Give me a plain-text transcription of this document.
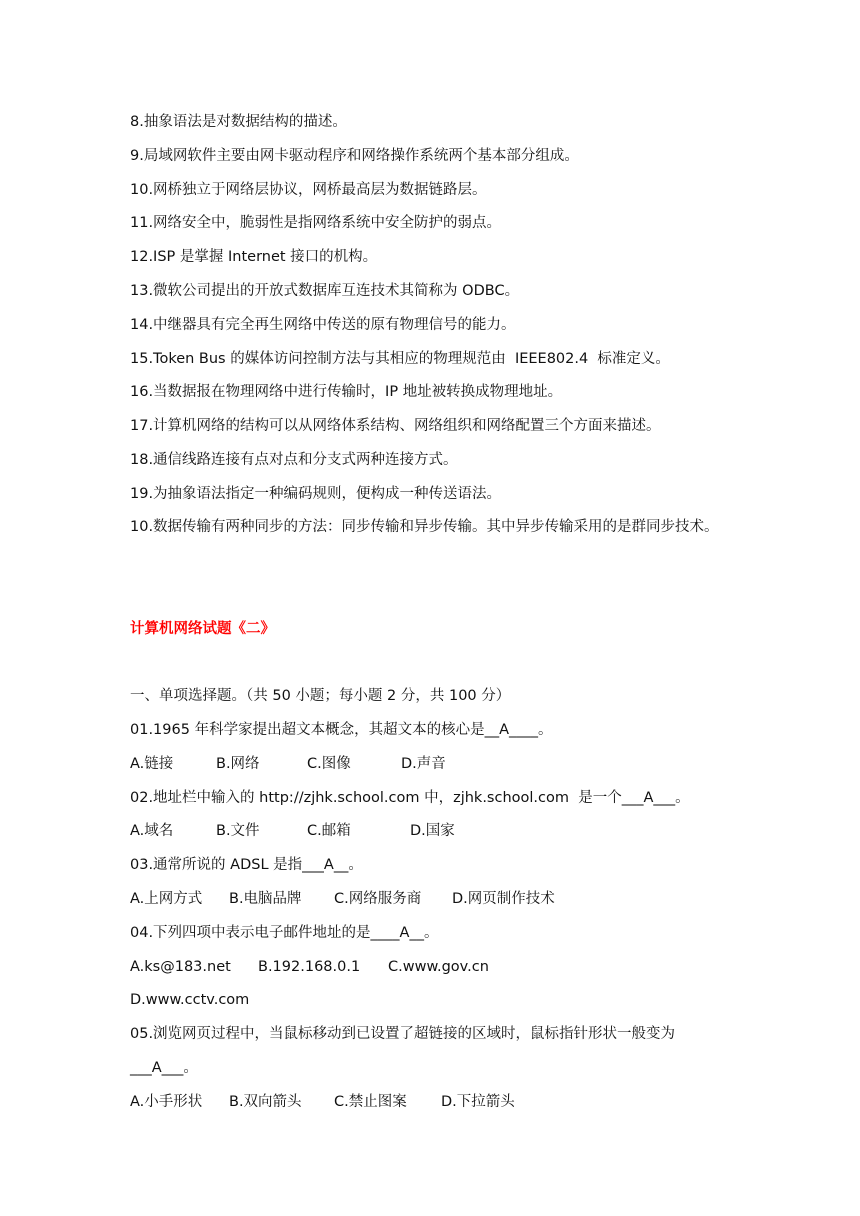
8.抽象语法是对数据结构的描述。
9.局域网软件主要由网卡驱动程序和网络操作系统两个基本部分组成。
10.网桥独立于网络层协议，网桥最高层为数据链路层。
11.网络安全中，脆弱性是指网络系统中安全防护的弱点。
12.ISP 是掌握 Internet 接口的机构。
13.微软公司提出的开放式数据库互连技术其简称为 ODBC。
14.中继器具有完全再生网络中传送的原有物理信号的能力。
15.Token Bus 的媒体访问控制方法与其相应的物理规范由  IEEE802.4  标准定义。
16.当数据报在物理网络中进行传输时，IP 地址被转换成物理地址。
17.计算机网络的结构可以从网络体系结构、网络组织和网络配置三个方面来描述。
18.通信线路连接有点对点和分支式两种连接方式。
19.为抽象语法指定一种编码规则，便构成一种传送语法。
10.数据传输有两种同步的方法：同步传输和异步传输。其中异步传输采用的是群同步技术。
计算机网络试题《二》
一、单项选择题。（共 50 小题；每小题 2 分，共 100 分）
01.1965 年科学家提出超文本概念，其超文本的核心是__A____。

A.链接

	B.网络

	C.图像

	D.声音

02.地址栏中输入的 http://zjhk.school.com 中，zjhk.school.com  是一个___A___。

A.域名

	B.文件

	C.邮箱

	D.国家

03.通常所说的 ADSL 是指___A__。

A.上网方式

B.电脑品牌

C.网络服务商

D.网页制作技术

04.下列四项中表示电子邮件地址的是____A__。

A.ks@183.net

B.192.168.0.1

C.www.gov.cn

D.www.cctv.com
05.浏览网页过程中，当鼠标移动到已设置了超链接的区域时，鼠标指针形状一般变为
___A___。

A.小手形状

B.双向箭头

C.禁止图案

D.下拉箭头
